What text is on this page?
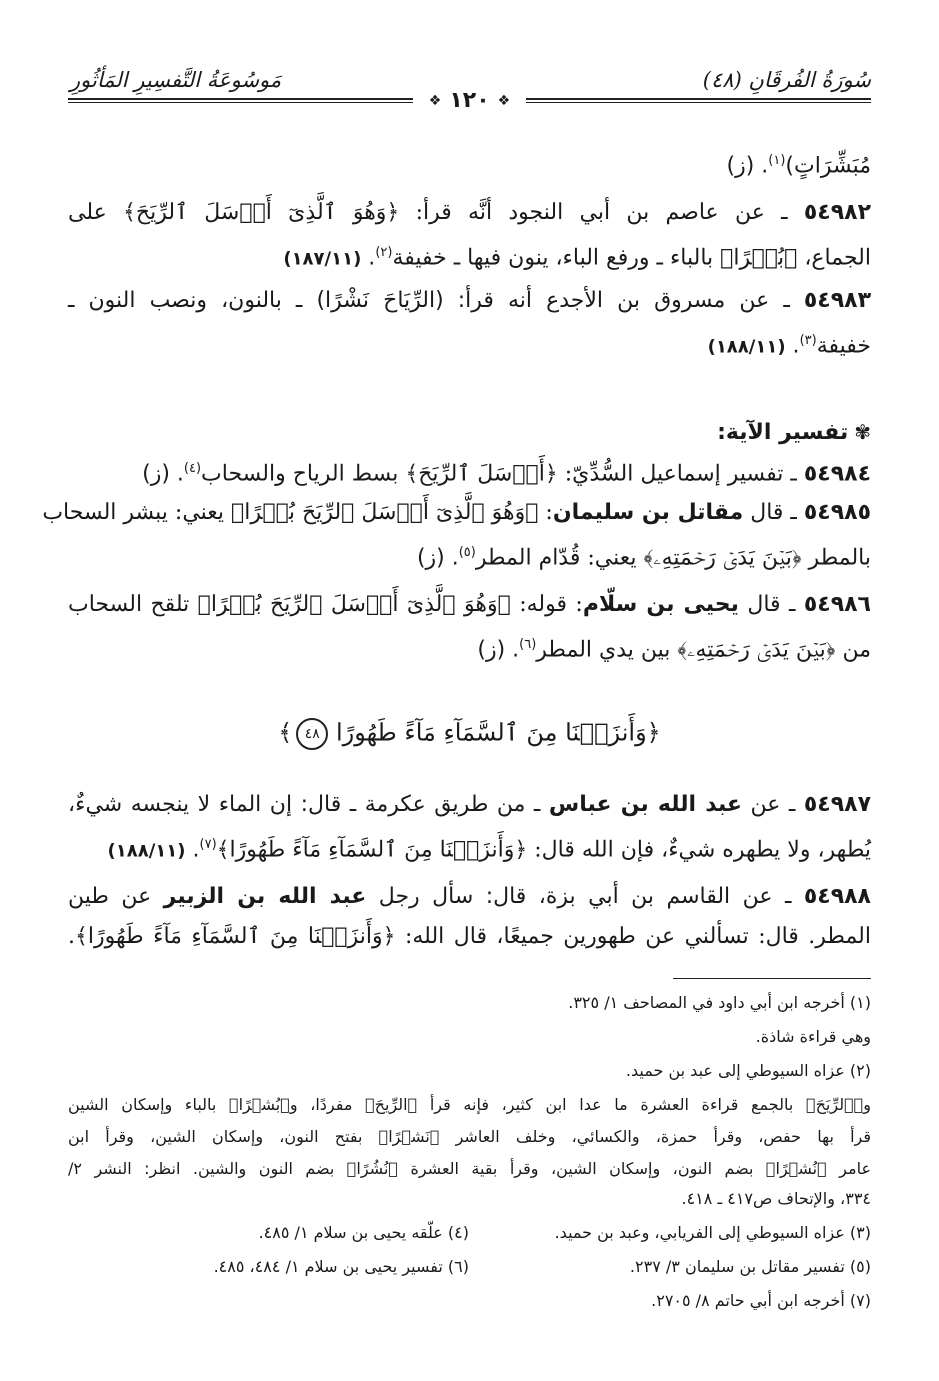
سُورَةُ الفُرقَانِ (٤٨)
مَوسُوعَةُ التَّفسِيرِ المَأثُورِ
❖ ١٢٠ ❖
مُبَشِّرَاتٍ)$^{(١)}$. (ز)
٥٤٩٨٢ ـ عن عاصم بن أبي النجود أنَّه قرأ: ﴿وَهُوَ ٱلَّذِىٓ أَرۡسَلَ ٱلرِّيَحَ﴾ على
الجماع، ﴿بُشۡرًا﴾ بالباء ـ ورفع الباء، ينون فيها ـ خفيفة$^{(٢)}$. (١٨٧/١١)
٥٤٩٨٣ ـ عن مسروق بن الأجدع أنه قرأ: (الرِّيَاحَ نَشْرًا) ـ بالنون، ونصب النون ـ
خفيفة$^{(٣)}$. (١٨٨/١١)
✾تفسير الآية:
٥٤٩٨٤ ـ تفسير إسماعيل السُّدِّيّ: ﴿أَرۡسَلَ ٱلرِّيَحَ﴾ بسط الرياح والسحاب$^{(٤)}$. (ز)
٥٤٩٨٥ ـ قال مقاتل بن سليمان: ﴿وَهُوَ ٱلَّذِىٓ أَرۡسَلَ ٱلرِّيَحَ بُشۡرًا﴾ يعني: يبشر السحاب
بالمطر ﴿بَيۡنَ يَدَىۡ رَحۡمَتِهِۦ﴾ يعني: قُدّام المطر$^{(٥)}$. (ز)
٥٤٩٨٦ ـ قال يحيى بن سلّام: قوله: ﴿وَهُوَ ٱلَّذِىٓ أَرۡسَلَ ٱلرِّيَحَ بُشۡرًا﴾ تلقح السحاب
من ﴿بَيۡنَ يَدَىۡ رَحۡمَتِهِۦ﴾ بين يدي المطر$^{(٦)}$. (ز)
﴿وَأَنزَلۡنَا مِنَ ٱلسَّمَآءِ مَآءً طَهُورًا ٤٨﴾
٥٤٩٨٧ ـ عن عبد الله بن عباس ـ من طريق عكرمة ـ قال: إن الماء لا ينجسه شيءٌ،
يُطهر، ولا يطهره شيءٌ، فإن الله قال: ﴿وَأَنزَلۡنَا مِنَ ٱلسَّمَآءِ مَآءً طَهُورًا﴾$^{(٧)}$. (١٨٨/١١)
٥٤٩٨٨ ـ عن القاسم بن أبي بزة، قال: سأل رجل عبد الله بن الزبير عن طين
المطر. قال: تسألني عن طهورين جميعًا، قال الله: ﴿وَأَنزَلۡنَا مِنَ ٱلسَّمَآءِ مَآءً طَهُورًا﴾.
(١) أخرجه ابن أبي داود في المصاحف ١/ ٣٢٥.
وهي قراءة شاذة.
(٢) عزاه السيوطي إلى عبد بن حميد.
و﴿ٱلرِّيَحَ﴾ بالجمع قراءة العشرة ما عدا ابن كثير، فإنه قرأ ﴿الرِّيحَ﴾ مفردًا، و﴿بُشۡرًا﴾ بالباء وإسكان الشين
قرأ بها حفص، وقرأ حمزة، والكسائي، وخلف العاشر ﴿نَشۡرًا﴾ بفتح النون، وإسكان الشين، وقرأ ابن
عامر ﴿نُشۡرًا﴾ بضم النون، وإسكان الشين، وقرأ بقية العشرة ﴿نُشُرًا﴾ بضم النون والشين. انظر: النشر ٢/
٣٣٤، والإتحاف ص٤١٧ ـ ٤١٨.
(٣) عزاه السيوطي إلى الفريابي، وعبد بن حميد.
(٤) علّقه يحيى بن سلام ١/ ٤٨٥.
(٥) تفسير مقاتل بن سليمان ٣/ ٢٣٧.
(٦) تفسير يحيى بن سلام ١/ ٤٨٤، ٤٨٥.
(٧) أخرجه ابن أبي حاتم ٨/ ٢٧٠٥.
